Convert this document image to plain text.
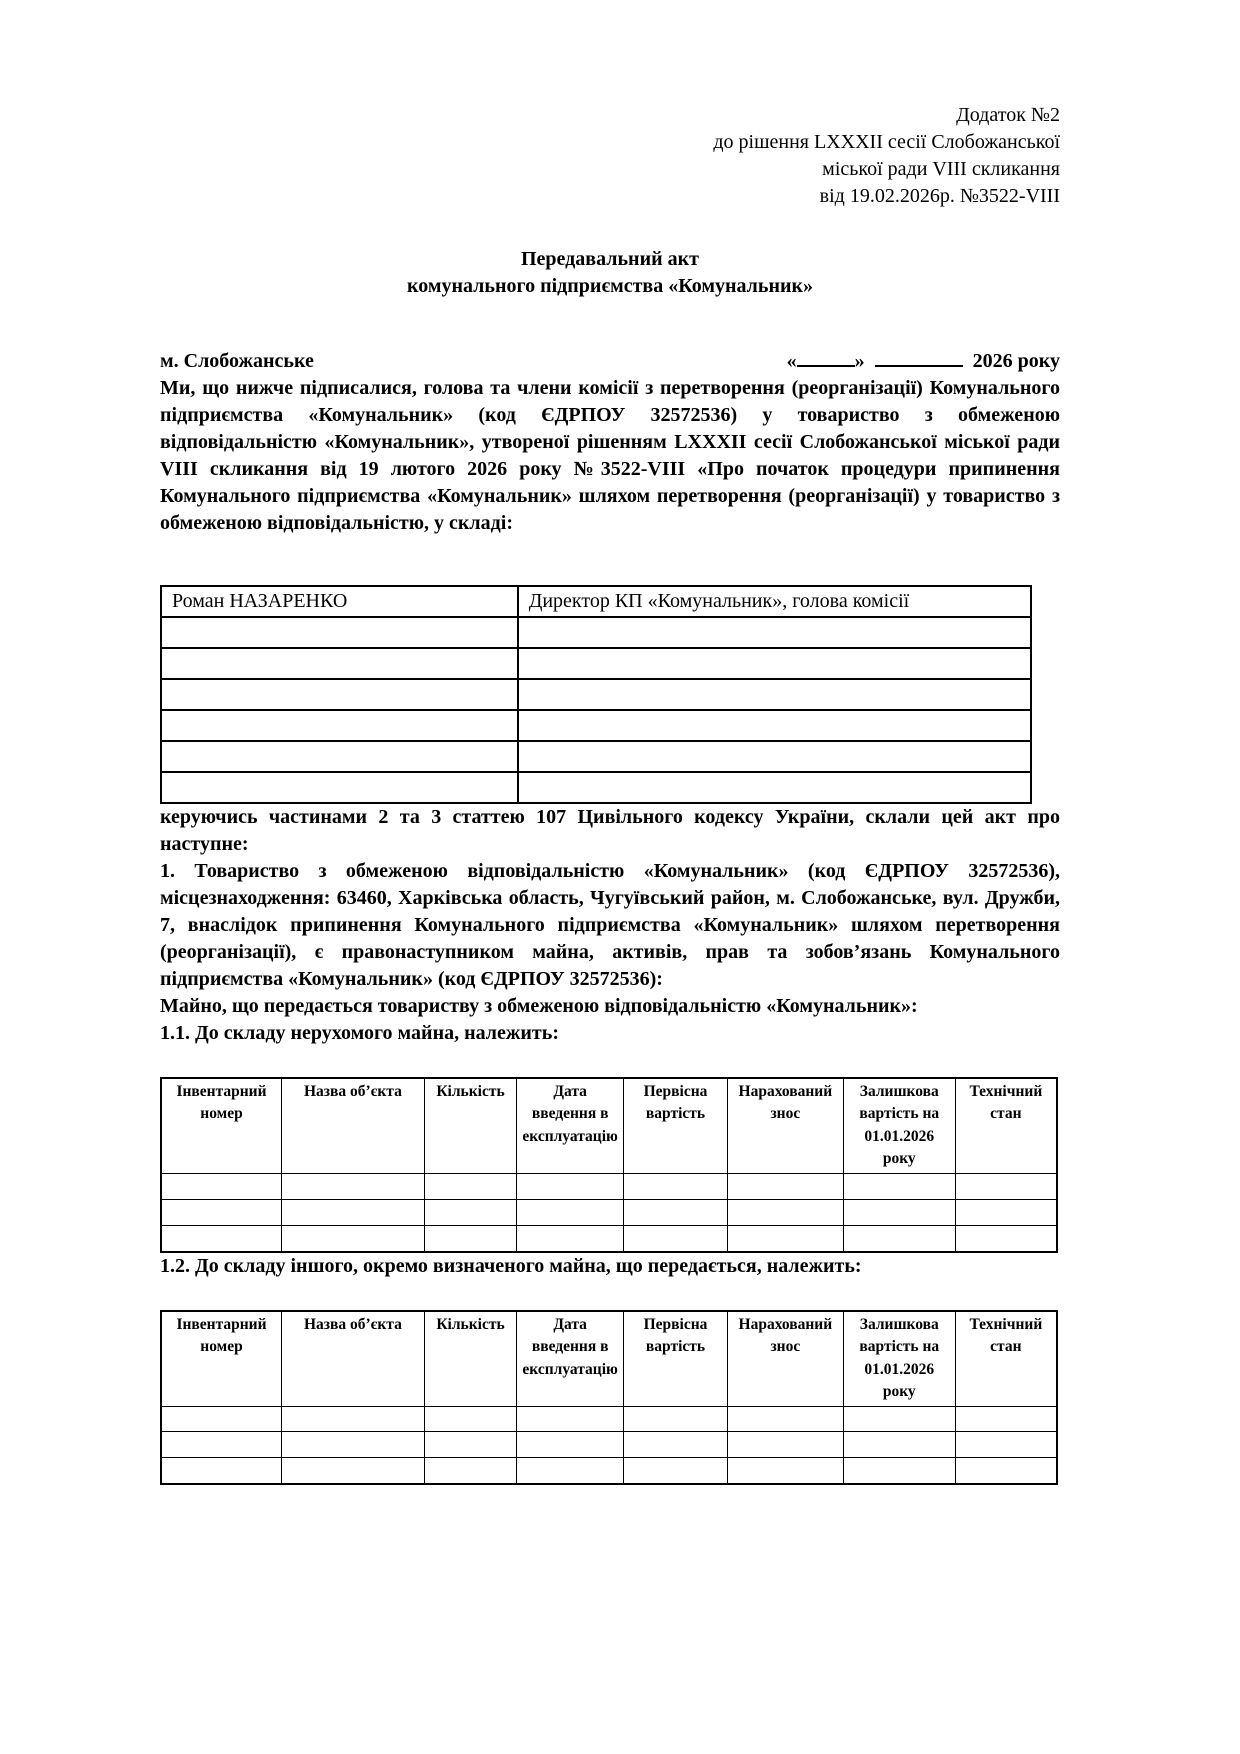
Додаток №2
до рішення LXXXII сесії Слобожанської
міської ради VIII скликання
від 19.02.2026р. №3522-VIII
Передавальний акт
комунального підприємства «Комунальник»
м. Слобожанське	«	»	2026 року

Ми, що нижче підписалися, голова та члени комісії з перетворення (реорганізації) Комунального підприємства «Комунальник» (код ЄДРПОУ 32572536) у товариство з обмеженою відповідальністю «Комунальник», утвореної рішенням LXXXII сесії Слобожанської міської ради VIII скликання від 19 лютого 2026 року №3522-VIII «Про початок процедури припинення Комунального підприємства «Комунальник» шляхом перетворення (реорганізації) у товариство з обмеженою відповідальністю, у складі:

Роман НАЗАРЕНКО	Директор КП «Комунальник», голова комісії

керуючись частинами 2 та 3 статтею 107 Цивільного кодексу України, склали цей акт про наступне:

1. Товариство з обмеженою відповідальністю «Комунальник» (код ЄДРПОУ 32572536), місцезнаходження: 63460, Харківська область, Чугуївський район, м. Слобожанське, вул. Дружби, 7, внаслідок припинення Комунального підприємства «Комунальник» шляхом перетворення (реорганізації), є правонаступником майна, активів, прав та зобов’язань Комунального підприємства «Комунальник» (код ЄДРПОУ 32572536):

Майно, що передається товариству з обмеженою відповідальністю «Комунальник»:

1.1. До складу нерухомого майна, належить:

Інвентарний номер	Назва об’єкта	Кількість	Дата введення в експлуатацію	Первісна вартість	Нарахований знос	Залишкова вартість на 01.01.2026 року	Технічний стан

1.2. До складу іншого, окремо визначеного майна, що передається, належить:

Інвентарний номер	Назва об’єкта	Кількість	Дата введення в експлуатацію	Первісна вартість	Нарахований знос	Залишкова вартість на 01.01.2026 року	Технічний стан
